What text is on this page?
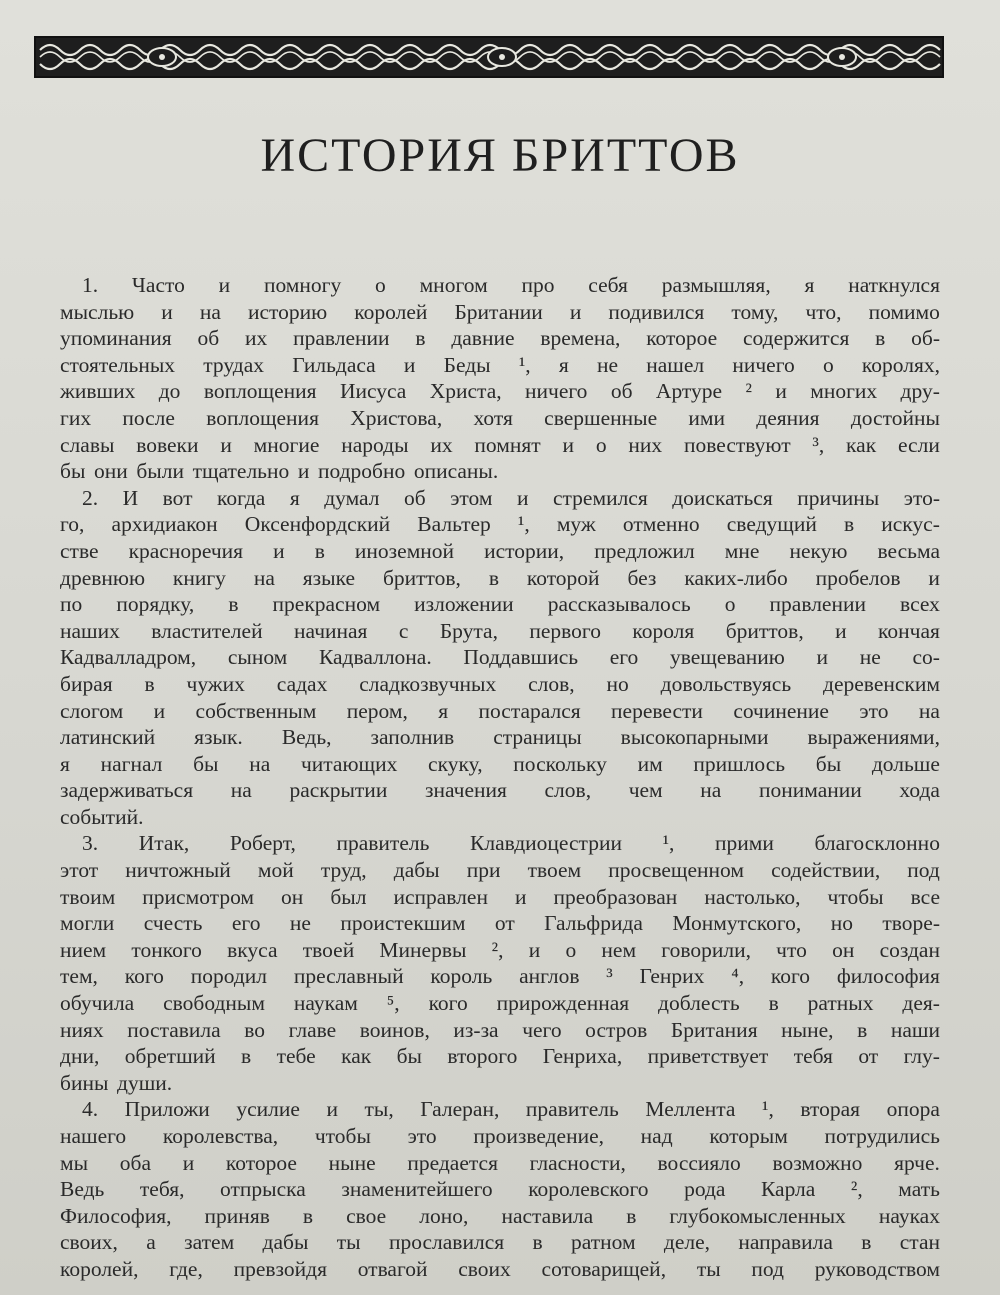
ИСТОРИЯ БРИТТОВ
1. Часто и помногу о многом про себя размышляя, я наткнулся
мыслью и на историю королей Британии и подивился тому, что, помимо
упоминания об их правлении в давние времена, которое содержится в об-
стоятельных трудах Гильдаса и Беды ¹, я не нашел ничего о королях,
живших до воплощения Иисуса Христа, ничего об Артуре ² и многих дру-
гих после воплощения Христова, хотя свершенные ими деяния достойны
славы вовеки и многие народы их помнят и о них повествуют ³, как если
бы они были тщательно и подробно описаны.
2. И вот когда я думал об этом и стремился доискаться причины это-
го, архидиакон Оксенфордский Вальтер ¹, муж отменно сведущий в искус-
стве красноречия и в иноземной истории, предложил мне некую весьма
древнюю книгу на языке бриттов, в которой без каких-либо пробелов и
по порядку, в прекрасном изложении рассказывалось о правлении всех
наших властителей начиная с Брута, первого короля бриттов, и кончая
Кадвалладром, сыном Кадваллона. Поддавшись его увещеванию и не со-
бирая в чужих садах сладкозвучных слов, но довольствуясь деревенским
слогом и собственным пером, я постарался перевести сочинение это на
латинский язык. Ведь, заполнив страницы высокопарными выражениями,
я нагнал бы на читающих скуку, поскольку им пришлось бы дольше
задерживаться на раскрытии значения слов, чем на понимании хода
событий.
3. Итак, Роберт, правитель Клавдиоцестрии ¹, прими благосклонно
этот ничтожный мой труд, дабы при твоем просвещенном содействии, под
твоим присмотром он был исправлен и преобразован настолько, чтобы все
могли счесть его не проистекшим от Гальфрида Монмутского, но творе-
нием тонкого вкуса твоей Минервы ², и о нем говорили, что он создан
тем, кого породил преславный король англов ³ Генрих ⁴, кого философия
обучила свободным наукам ⁵, кого прирожденная доблесть в ратных дея-
ниях поставила во главе воинов, из-за чего остров Британия ныне, в наши
дни, обретший в тебе как бы второго Генриха, приветствует тебя от глу-
бины души.
4. Приложи усилие и ты, Галеран, правитель Меллента ¹, вторая опора
нашего королевства, чтобы это произведение, над которым потрудились
мы оба и которое ныне предается гласности, воссияло возможно ярче.
Ведь тебя, отпрыска знаменитейшего королевского рода Карла ², мать
Философия, приняв в свое лоно, наставила в глубокомысленных науках
своих, а затем дабы ты прославился в ратном деле, направила в стан
королей, где, превзойдя отвагой своих сотоварищей, ты под руководством
